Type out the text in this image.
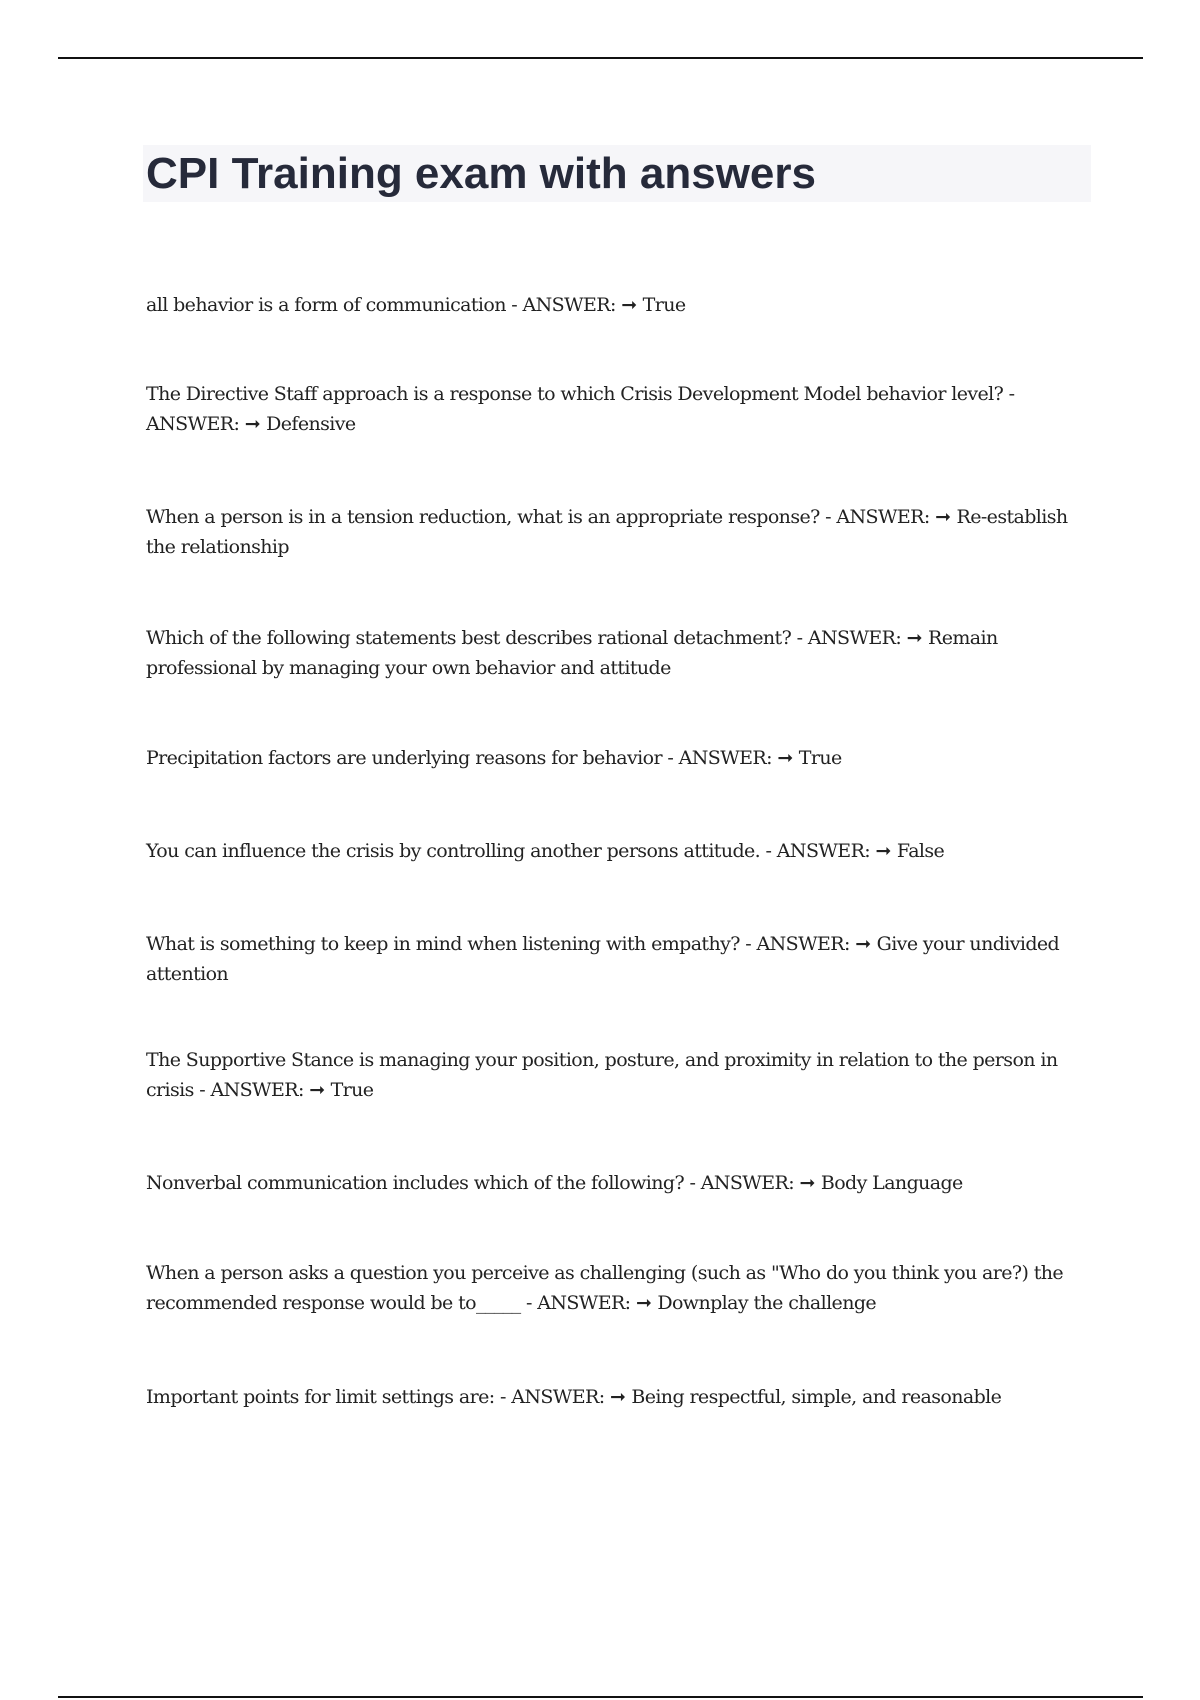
CPI Training exam with answers

all behavior is a form of communication - ANSWER: ➞ True

The Directive Staff approach is a response to which Crisis Development Model behavior level? - ANSWER: ➞ Defensive

When a person is in a tension reduction, what is an appropriate response? - ANSWER: ➞ Re-establish the relationship

Which of the following statements best describes rational detachment? - ANSWER: ➞ Remain professional by managing your own behavior and attitude

Precipitation factors are underlying reasons for behavior - ANSWER: ➞ True

You can influence the crisis by controlling another persons attitude. - ANSWER: ➞ False

What is something to keep in mind when listening with empathy? - ANSWER: ➞ Give your undivided attention

The Supportive Stance is managing your position, posture, and proximity in relation to the person in crisis - ANSWER: ➞ True

Nonverbal communication includes which of the following? - ANSWER: ➞ Body Language

When a person asks a question you perceive as challenging (such as "Who do you think you are?) the recommended response would be to_____ - ANSWER: ➞ Downplay the challenge

Important points for limit settings are: - ANSWER: ➞ Being respectful, simple, and reasonable
